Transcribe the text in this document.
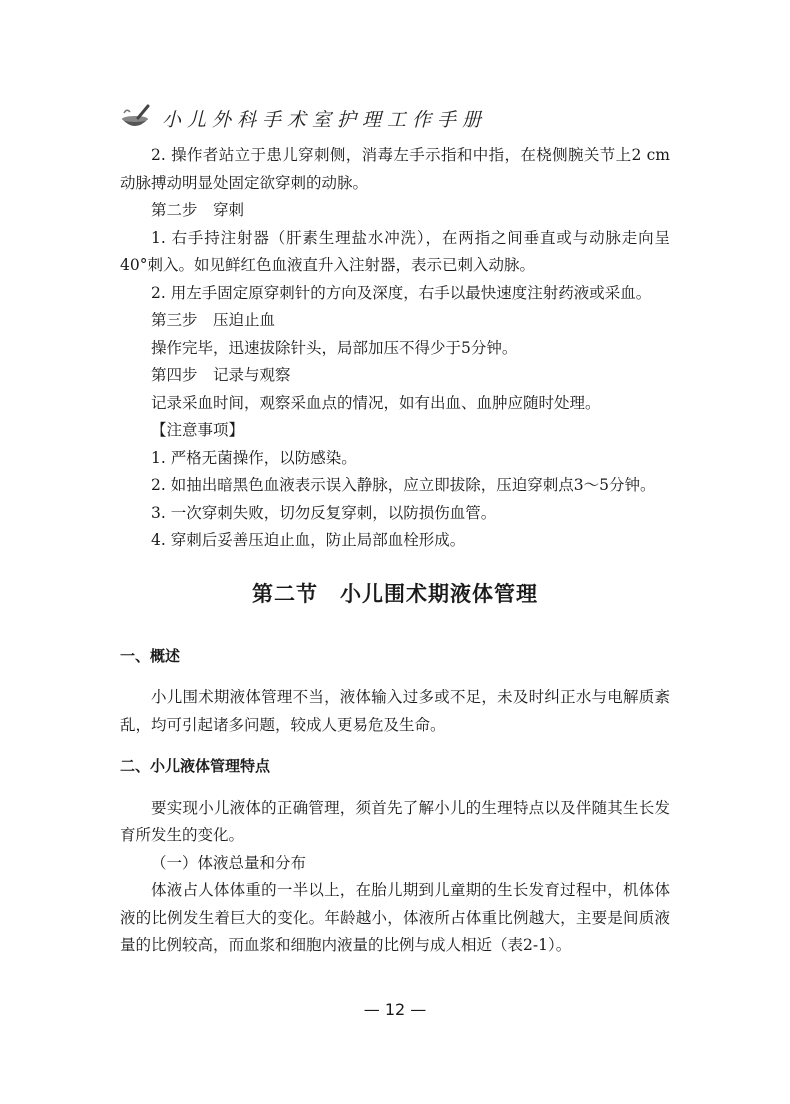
小儿外科手术室护理工作手册

2. 操作者站立于患儿穿刺侧，消毒左手示指和中指，在桡侧腕关节上2 cm动脉搏动明显处固定欲穿刺的动脉。

第二步　穿刺

1. 右手持注射器（肝素生理盐水冲洗），在两指之间垂直或与动脉走向呈40°刺入。如见鲜红色血液直升入注射器，表示已刺入动脉。

2. 用左手固定原穿刺针的方向及深度，右手以最快速度注射药液或采血。

第三步　压迫止血

操作完毕，迅速拔除针头，局部加压不得少于5分钟。

第四步　记录与观察

记录采血时间，观察采血点的情况，如有出血、血肿应随时处理。

【注意事项】

1. 严格无菌操作，以防感染。

2. 如抽出暗黑色血液表示误入静脉，应立即拔除，压迫穿刺点3～5分钟。

3. 一次穿刺失败，切勿反复穿刺，以防损伤血管。

4. 穿刺后妥善压迫止血，防止局部血栓形成。

第二节　小儿围术期液体管理
一、概述

小儿围术期液体管理不当，液体输入过多或不足，未及时纠正水与电解质紊乱，均可引起诸多问题，较成人更易危及生命。

二、小儿液体管理特点

要实现小儿液体的正确管理，须首先了解小儿的生理特点以及伴随其生长发育所发生的变化。

（一）体液总量和分布

体液占人体体重的一半以上，在胎儿期到儿童期的生长发育过程中，机体体液的比例发生着巨大的变化。年龄越小，体液所占体重比例越大，主要是间质液量的比例较高，而血浆和细胞内液量的比例与成人相近（表2-1）。

— 12 —
